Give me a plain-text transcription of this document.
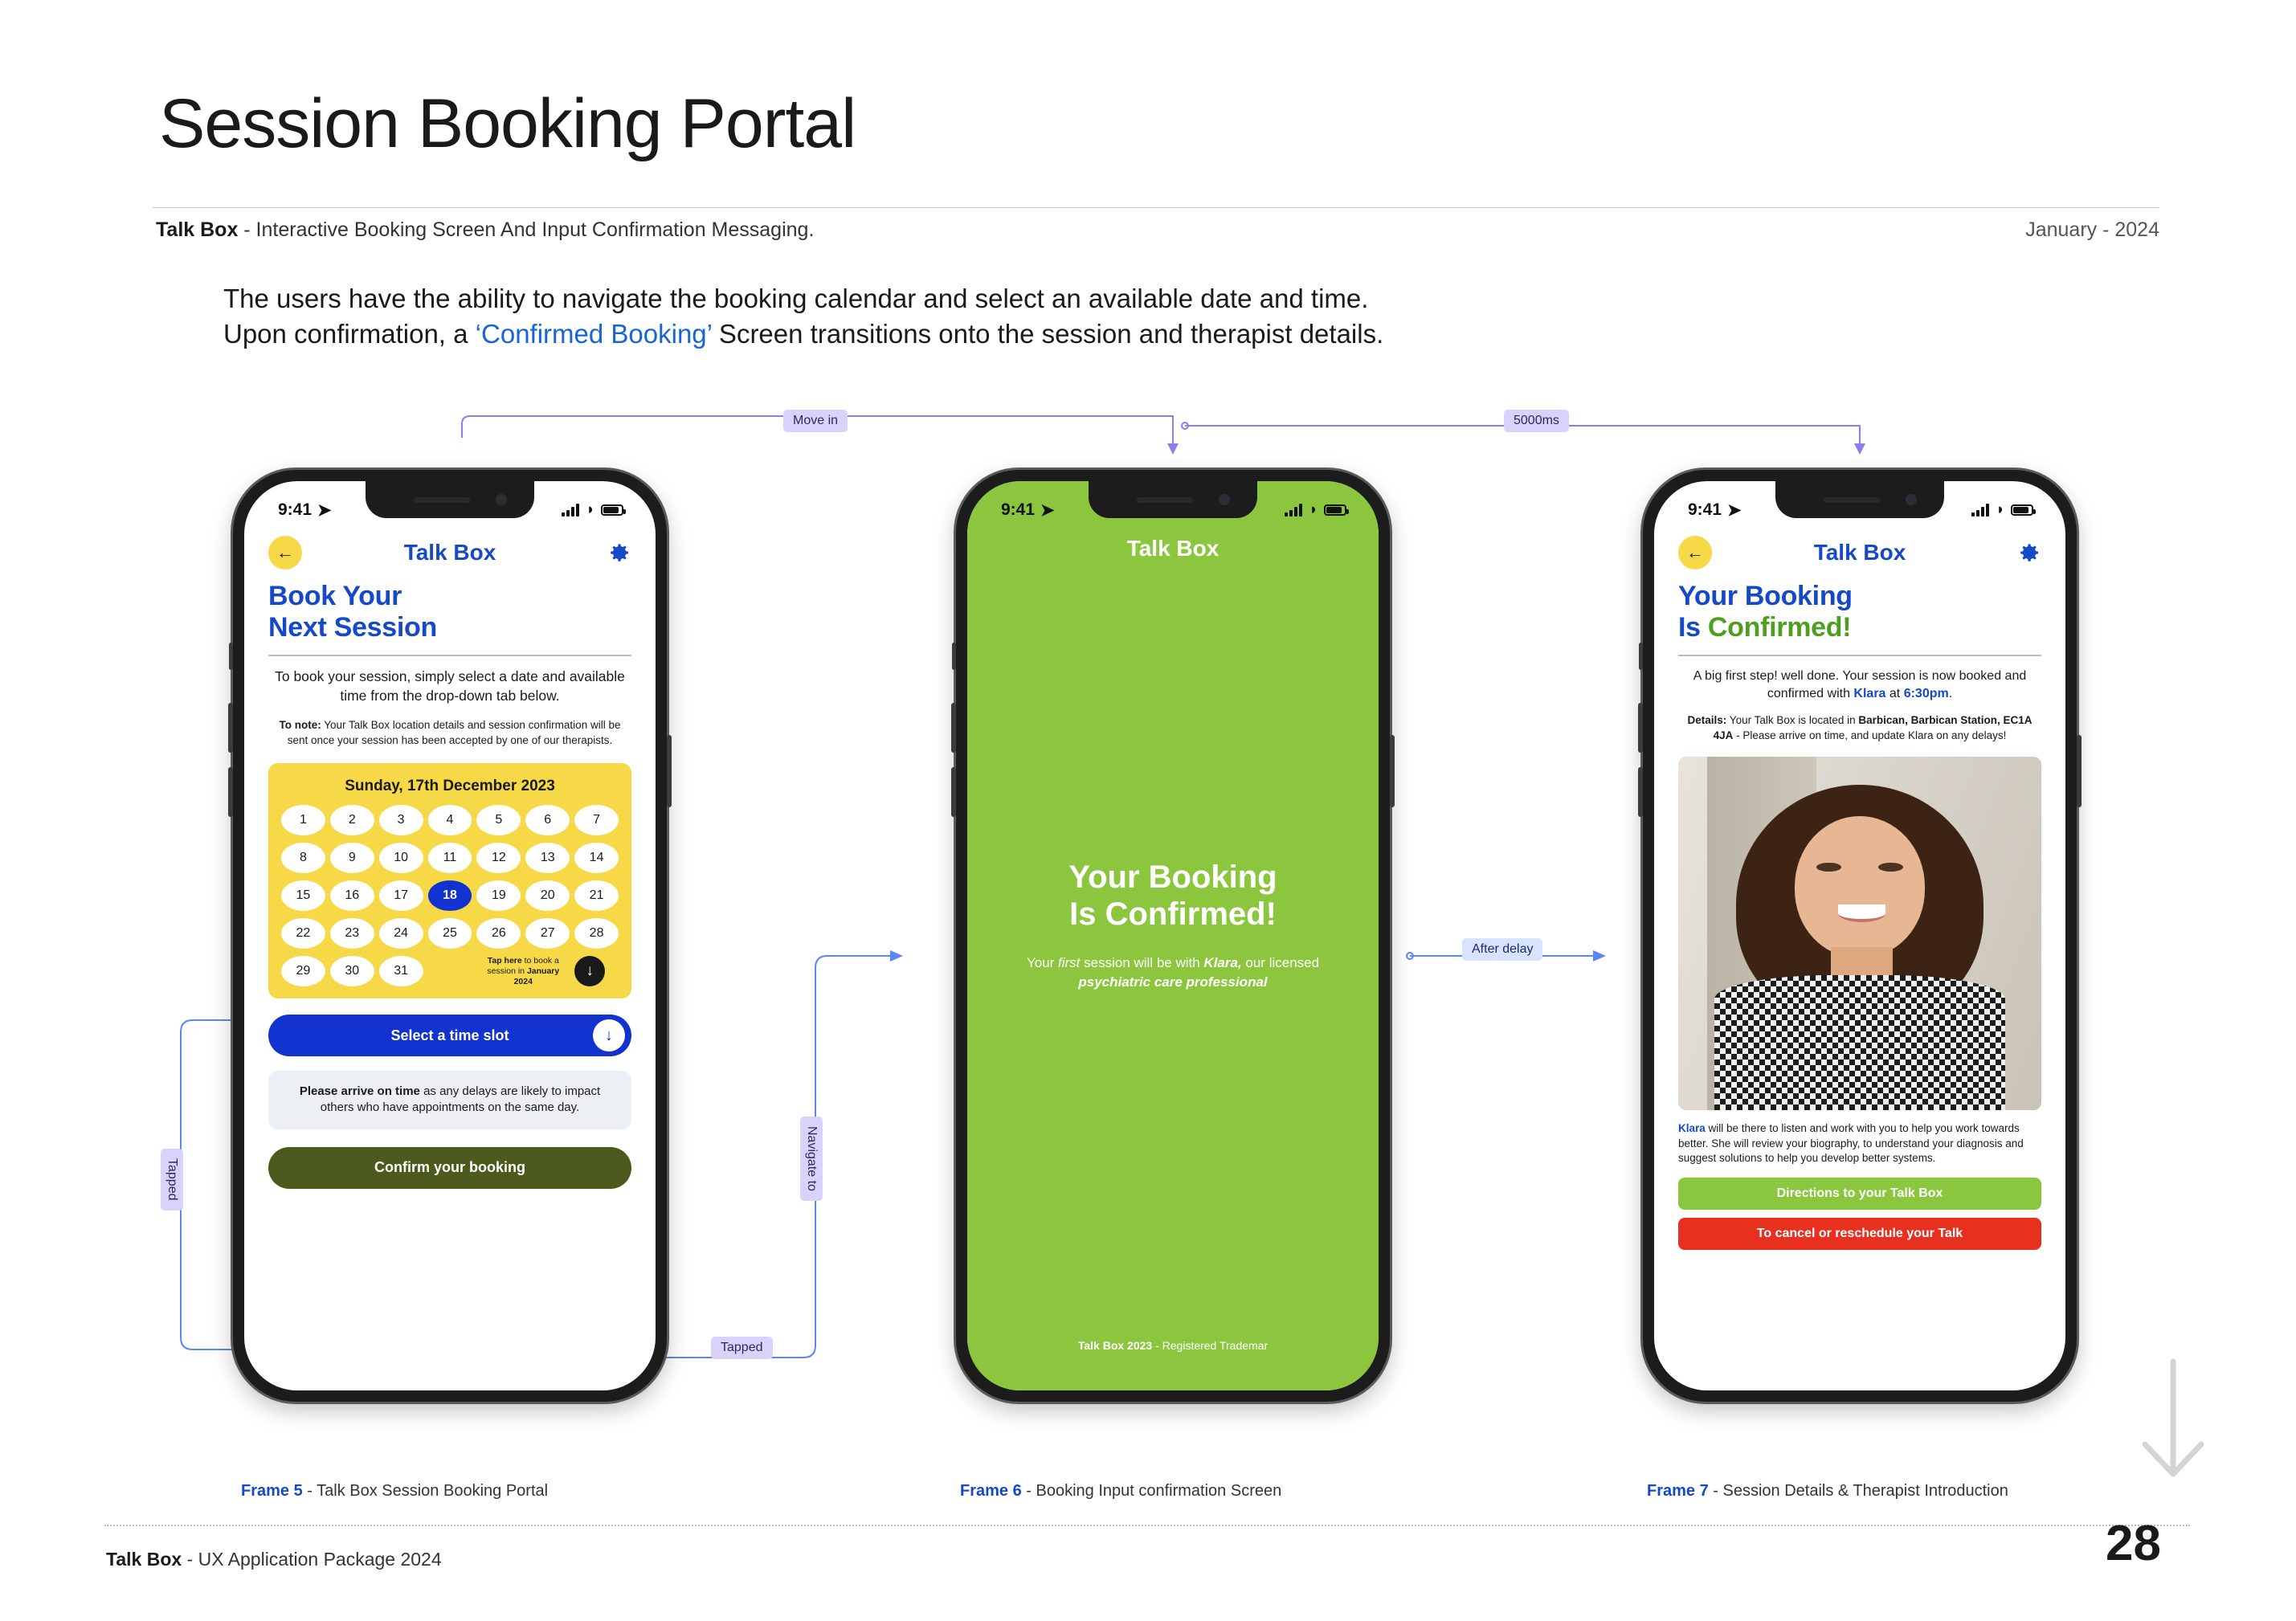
Session Booking Portal
Talk Box - Interactive Booking Screen And Input Confirmation Messaging.	January - 2024
The users have the ability to navigate the booking calendar and select an available date and time.
Upon confirmation, a ‘Confirmed Booking’ Screen transitions onto the session and therapist details.
Move in	5000ms
Tapped
Tapped
Navigate to
After delay
9:41 ➤	◗
←	Talk Box
Book Your
Next Session
To book your session, simply select a date and available time from the drop-down tab below.
To note: Your Talk Box location details and session confirmation will be sent once your session has been accepted by one of our therapists.
Sunday, 17th December 2023
1	2	3	4	5	6	7
8	9	10	11	12	13	14
15	16	17	18	19	20	21
22	23	24	25	26	27	28
29	30	31
Tap here to book a session in January 2024
↓
Select a time slot	↓
Please arrive on time as any delays are likely to impact others who have appointments on the same day.
Confirm your booking
Frame 5 - Talk Box Session Booking Portal
Talk Box
Your Booking
Is Confirmed!
Your first session will be with Klara, our licensed psychiatric care professional
Talk Box 2023 - Registered Trademar
9:41 ➤	◗
Frame 6 - Booking Input confirmation Screen
9:41 ➤	◗
←	Talk Box
Your Booking
Is Confirmed!
A big first step! well done. Your session is now booked and confirmed with Klara at 6:30pm.
Details: Your Talk Box is located in Barbican, Barbican Station, EC1A 4JA - Please arrive on time, and update Klara on any delays!
Klara will be there to listen and work with you to help you work towards better. She will review your biography, to understand your diagnosis and suggest solutions to help you develop better systems.
Directions to your Talk Box
To cancel or reschedule your Talk
Frame 7 - Session Details & Therapist Introduction
Talk Box - UX Application Package 2024	28
